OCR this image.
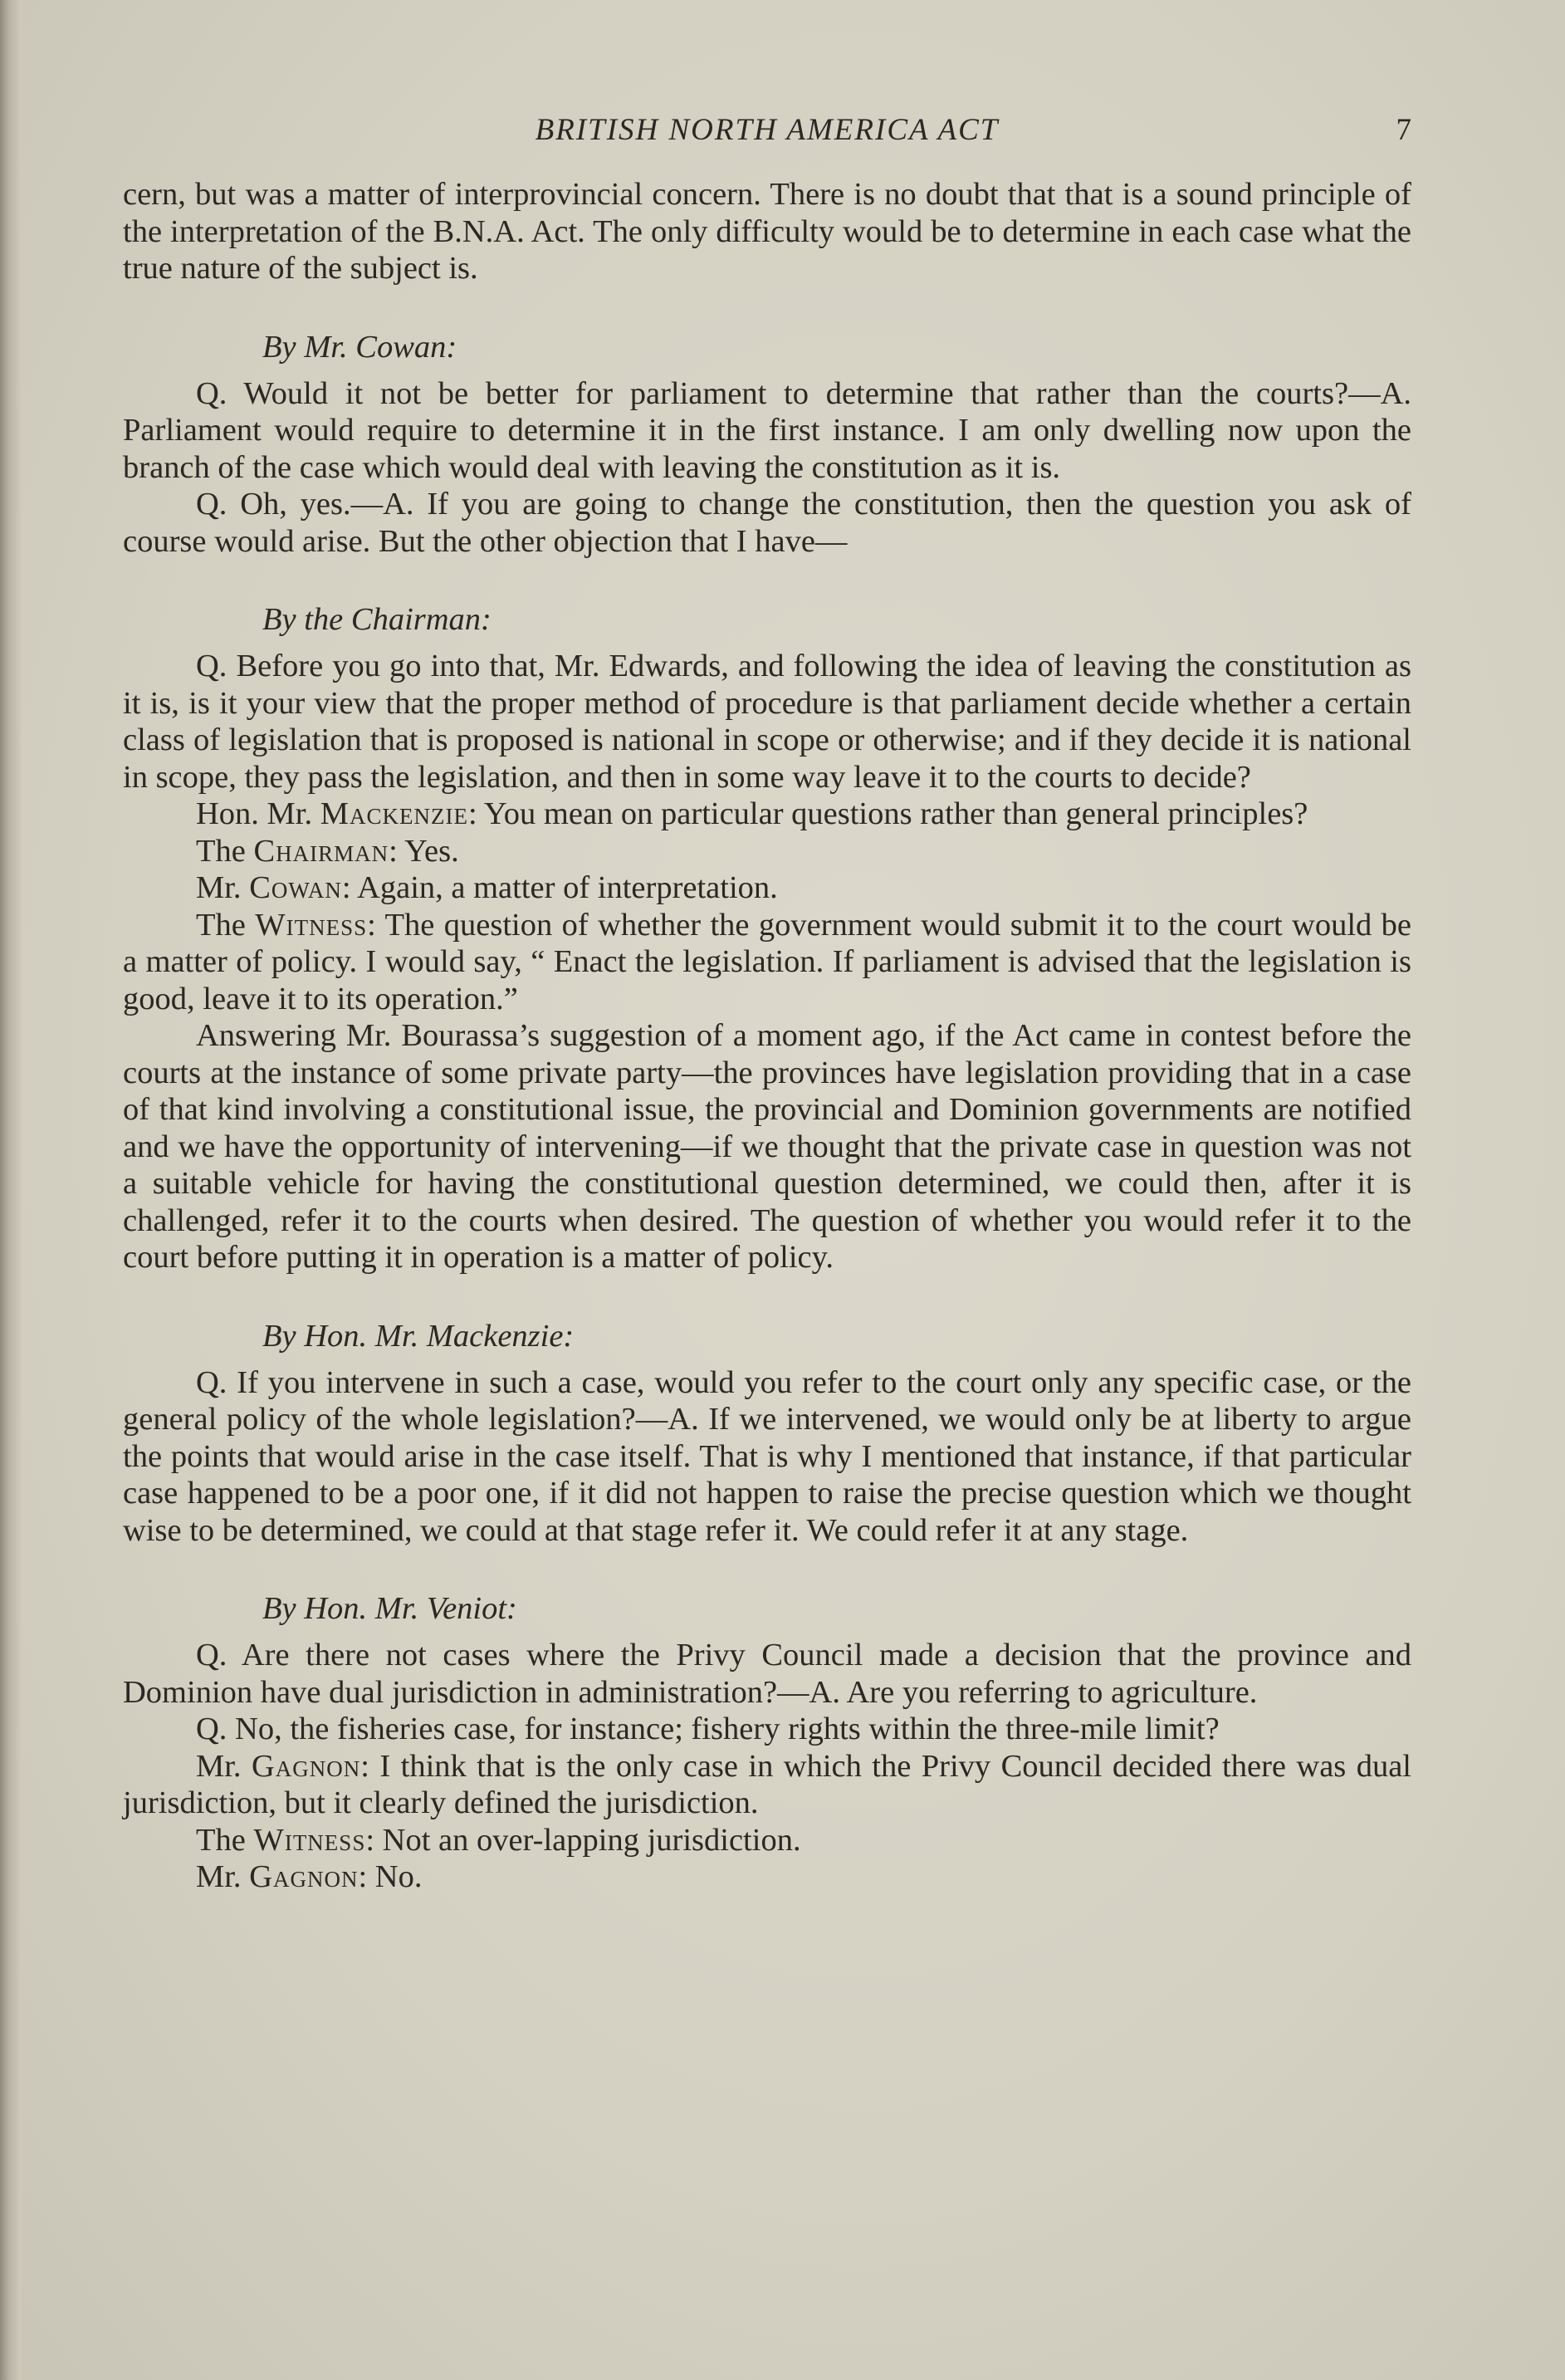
BRITISH NORTH AMERICA ACT	7

cern, but was a matter of interprovincial concern. There is no doubt that that is a sound principle of the interpretation of the B.N.A. Act. The only difficulty would be to determine in each case what the true nature of the subject is.

By Mr. Cowan:

Q. Would it not be better for parliament to determine that rather than the courts?—A. Parliament would require to determine it in the first instance. I am only dwelling now upon the branch of the case which would deal with leaving the constitution as it is.

Q. Oh, yes.—A. If you are going to change the constitution, then the question you ask of course would arise. But the other objection that I have—

By the Chairman:

Q. Before you go into that, Mr. Edwards, and following the idea of leaving the constitution as it is, is it your view that the proper method of procedure is that parliament decide whether a certain class of legislation that is proposed is national in scope or otherwise; and if they decide it is national in scope, they pass the legislation, and then in some way leave it to the courts to decide?

Hon. Mr. Mackenzie: You mean on particular questions rather than general principles?

The Chairman: Yes.

Mr. Cowan: Again, a matter of interpretation.

The Witness: The question of whether the government would submit it to the court would be a matter of policy. I would say, “ Enact the legislation. If parliament is advised that the legislation is good, leave it to its operation.”

Answering Mr. Bourassa’s suggestion of a moment ago, if the Act came in contest before the courts at the instance of some private party—the provinces have legislation providing that in a case of that kind involving a constitutional issue, the provincial and Dominion governments are notified and we have the opportunity of intervening—if we thought that the private case in question was not a suitable vehicle for having the constitutional question determined, we could then, after it is challenged, refer it to the courts when desired. The question of whether you would refer it to the court before putting it in operation is a matter of policy.

By Hon. Mr. Mackenzie:

Q. If you intervene in such a case, would you refer to the court only any specific case, or the general policy of the whole legislation?—A. If we intervened, we would only be at liberty to argue the points that would arise in the case itself. That is why I mentioned that instance, if that particular case happened to be a poor one, if it did not happen to raise the precise question which we thought wise to be determined, we could at that stage refer it. We could refer it at any stage.

By Hon. Mr. Veniot:

Q. Are there not cases where the Privy Council made a decision that the province and Dominion have dual jurisdiction in administration?—A. Are you referring to agriculture.

Q. No, the fisheries case, for instance; fishery rights within the three-mile limit?

Mr. Gagnon: I think that is the only case in which the Privy Council decided there was dual jurisdiction, but it clearly defined the jurisdiction.

The Witness: Not an over-lapping jurisdiction.

Mr. Gagnon: No.
